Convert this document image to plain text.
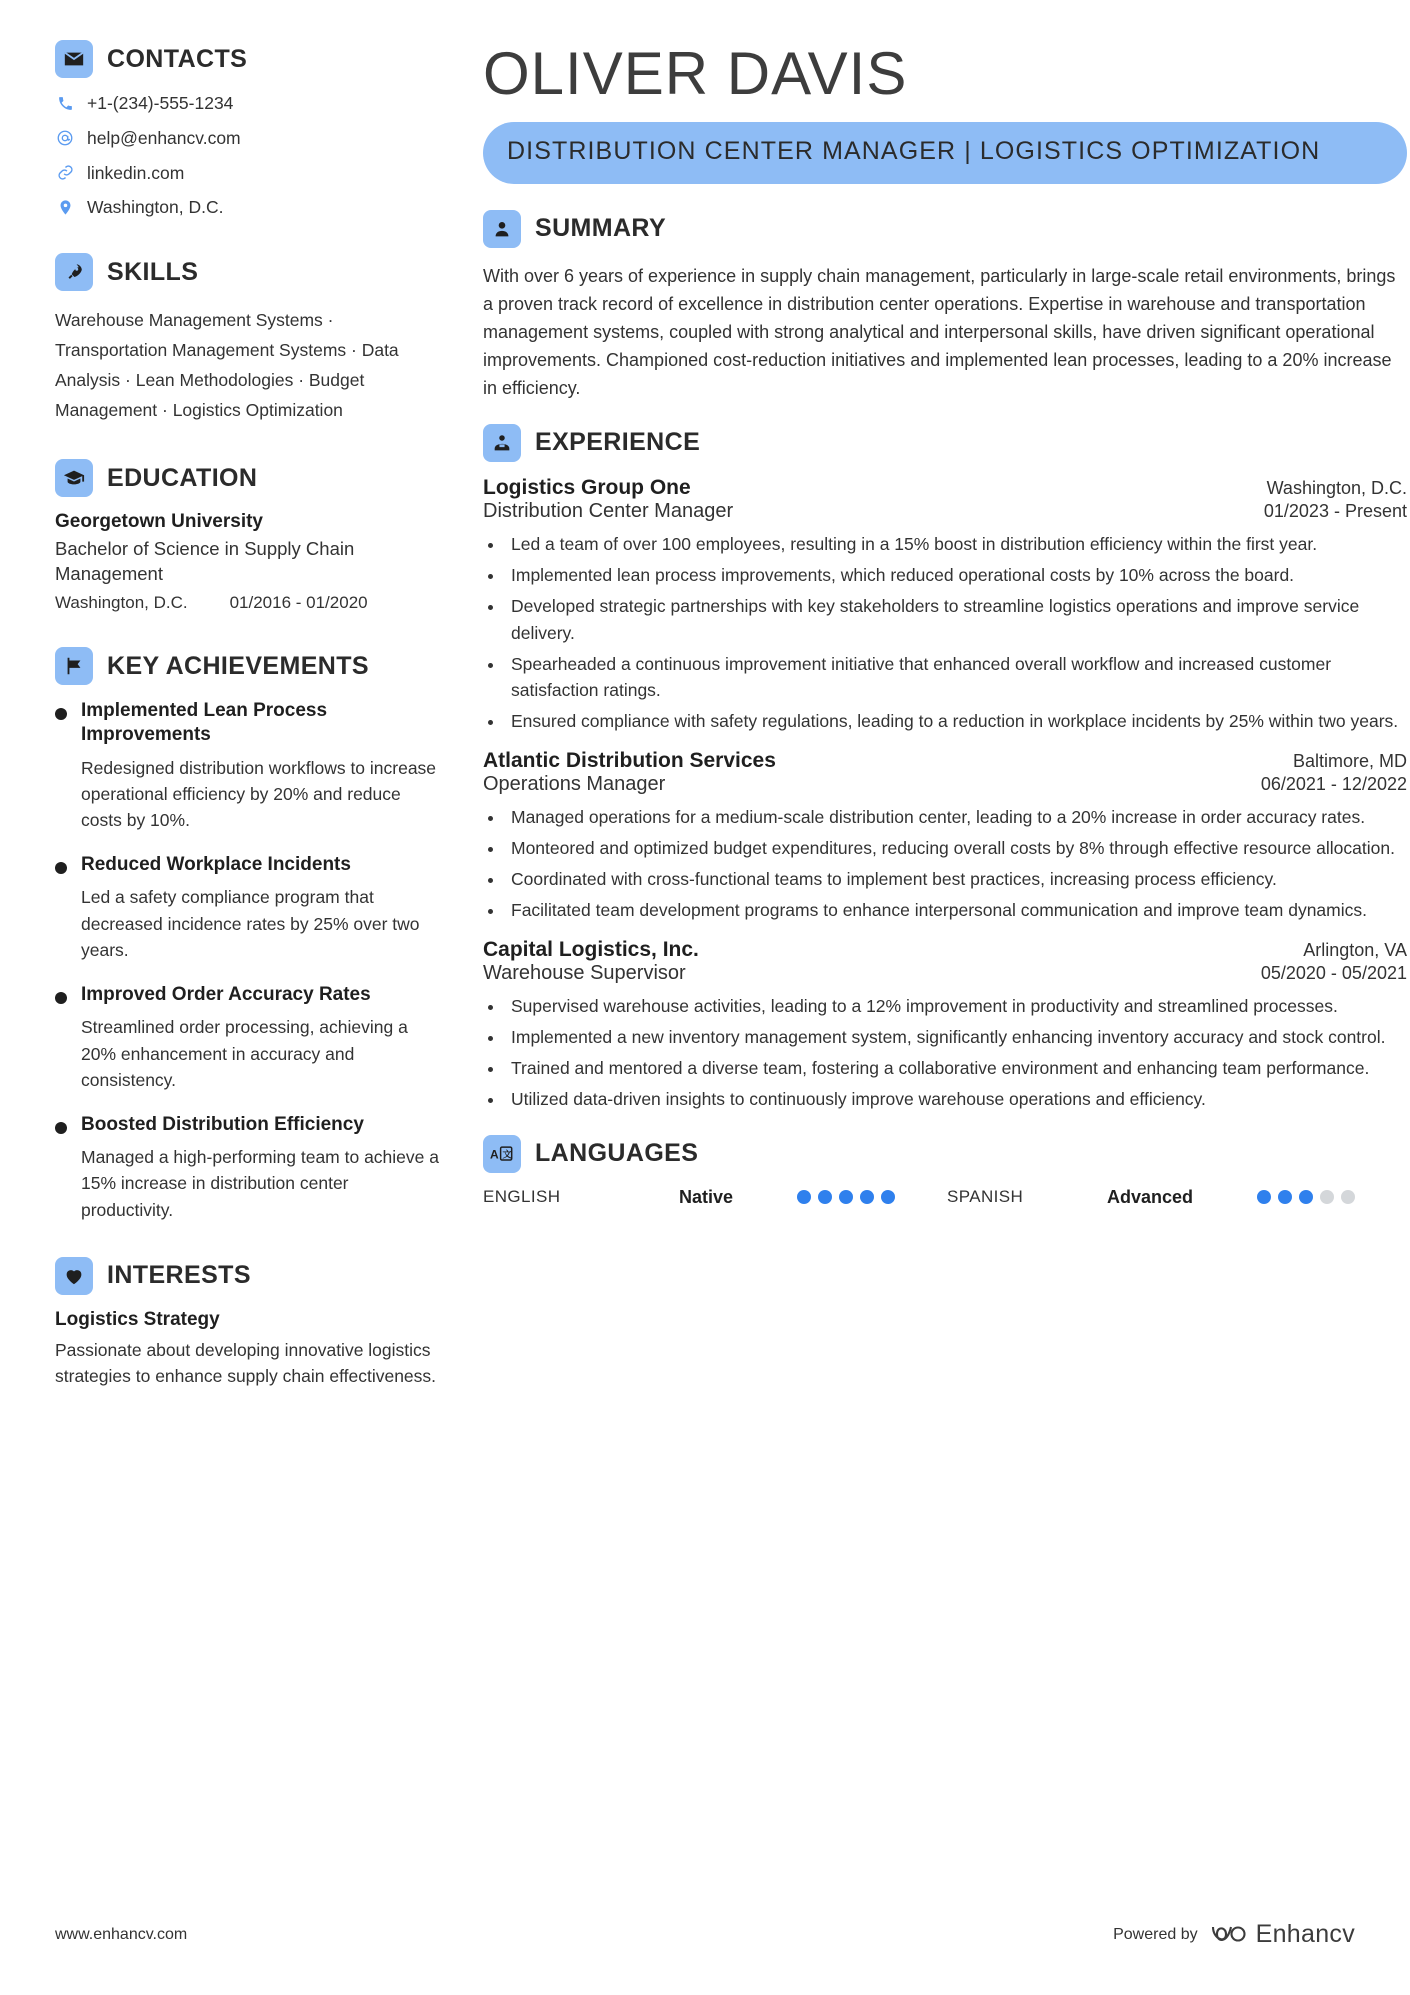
CONTACTS
+1-(234)-555-1234
help@enhancv.com
linkedin.com
Washington, D.C.
SKILLS
Warehouse Management Systems · Transportation Management Systems · Data Analysis · Lean Methodologies · Budget Management · Logistics Optimization
EDUCATION
Georgetown University
Bachelor of Science in Supply Chain Management
Washington, D.C. 01/2016 - 01/2020
KEY ACHIEVEMENTS
Implemented Lean Process Improvements
Redesigned distribution workflows to increase operational efficiency by 20% and reduce costs by 10%.
Reduced Workplace Incidents
Led a safety compliance program that decreased incidence rates by 25% over two years.
Improved Order Accuracy Rates
Streamlined order processing, achieving a 20% enhancement in accuracy and consistency.
Boosted Distribution Efficiency
Managed a high-performing team to achieve a 15% increase in distribution center productivity.
INTERESTS
Logistics Strategy
Passionate about developing innovative logistics strategies to enhance supply chain effectiveness.
OLIVER DAVIS
DISTRIBUTION CENTER MANAGER | LOGISTICS OPTIMIZATION
SUMMARY
With over 6 years of experience in supply chain management, particularly in large-scale retail environments, brings a proven track record of excellence in distribution center operations. Expertise in warehouse and transportation management systems, coupled with strong analytical and interpersonal skills, have driven significant operational improvements. Championed cost-reduction initiatives and implemented lean processes, leading to a 20% increase in efficiency.
EXPERIENCE
Logistics Group One	Washington, D.C.
Distribution Center Manager	01/2023 - Present
• Led a team of over 100 employees, resulting in a 15% boost in distribution efficiency within the first year.
• Implemented lean process improvements, which reduced operational costs by 10% across the board.
• Developed strategic partnerships with key stakeholders to streamline logistics operations and improve service delivery.
• Spearheaded a continuous improvement initiative that enhanced overall workflow and increased customer satisfaction ratings.
• Ensured compliance with safety regulations, leading to a reduction in workplace incidents by 25% within two years.
Atlantic Distribution Services	Baltimore, MD
Operations Manager	06/2021 - 12/2022
• Managed operations for a medium-scale distribution center, leading to a 20% increase in order accuracy rates.
• Monteored and optimized budget expenditures, reducing overall costs by 8% through effective resource allocation.
• Coordinated with cross-functional teams to implement best practices, increasing process efficiency.
• Facilitated team development programs to enhance interpersonal communication and improve team dynamics.
Capital Logistics, Inc.	Arlington, VA
Warehouse Supervisor	05/2020 - 05/2021
• Supervised warehouse activities, leading to a 12% improvement in productivity and streamlined processes.
• Implemented a new inventory management system, significantly enhancing inventory accuracy and stock control.
• Trained and mentored a diverse team, fostering a collaborative environment and enhancing team performance.
• Utilized data-driven insights to continuously improve warehouse operations and efficiency.
A 文 LANGUAGES
ENGLISH	Native	SPANISH	Advanced
www.enhancv.com	Powered by Enhancv
